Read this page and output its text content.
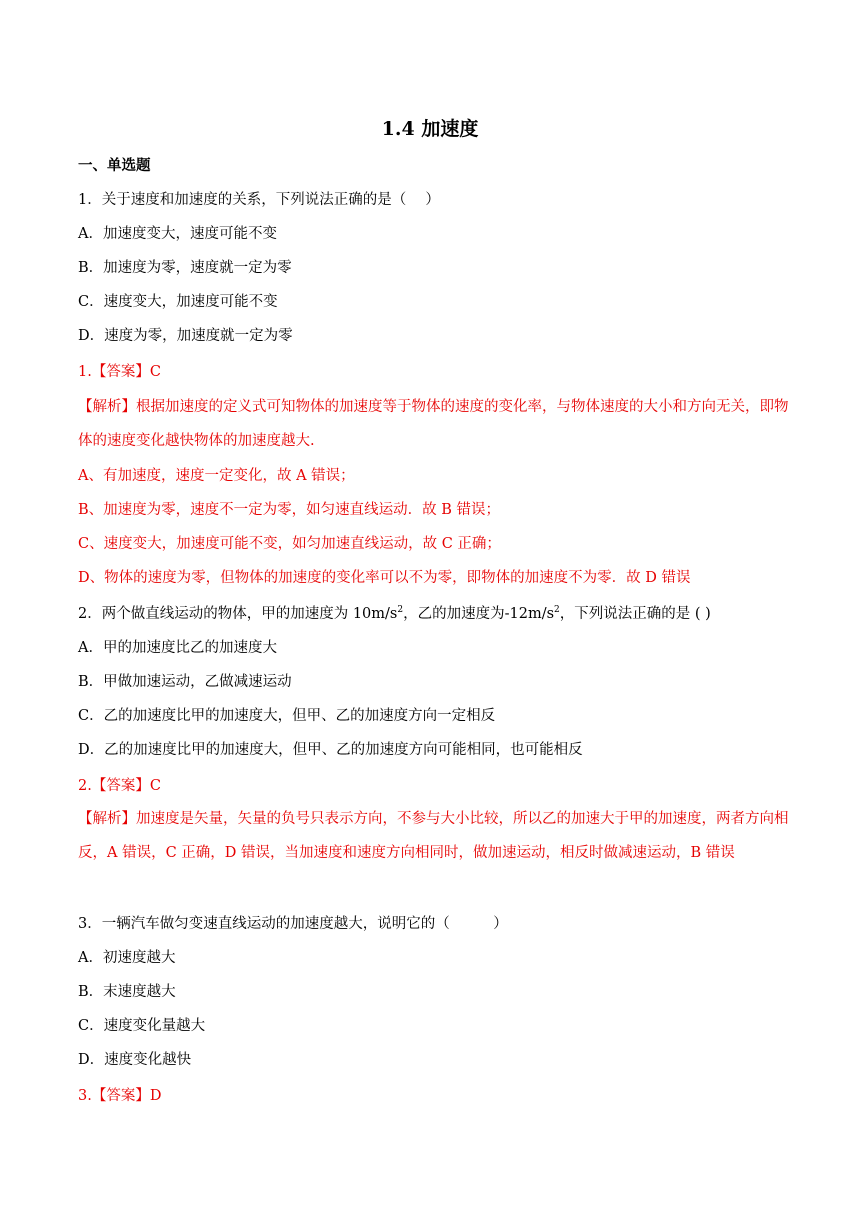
1.4 加速度
一、单选题
1．关于速度和加速度的关系，下列说法正确的是（　 ）
A．加速度变大，速度可能不变
B．加速度为零，速度就一定为零
C．速度变大，加速度可能不变
D．速度为零，加速度就一定为零
1.【答案】C
【解析】根据加速度的定义式可知物体的加速度等于物体的速度的变化率，与物体速度的大小和方向无关，即物体的速度变化越快物体的加速度越大.
A、有加速度，速度一定变化，故 A 错误；
B、加速度为零，速度不一定为零，如匀速直线运动．故 B 错误；
C、速度变大，加速度可能不变，如匀加速直线运动，故 C 正确；
D、物体的速度为零，但物体的加速度的变化率可以不为零，即物体的加速度不为零．故 D 错误
2．两个做直线运动的物体，甲的加速度为 $10m/s^2$，乙的加速度为$-12m/s^2$，下列说法正确的是 ( )
A．甲的加速度比乙的加速度大
B．甲做加速运动，乙做减速运动
C．乙的加速度比甲的加速度大，但甲、乙的加速度方向一定相反
D．乙的加速度比甲的加速度大，但甲、乙的加速度方向可能相同，也可能相反
2.【答案】C
【解析】加速度是矢量，矢量的负号只表示方向，不参与大小比较，所以乙的加速大于甲的加速度，两者方向相反，A 错误，C 正确，D 错误，当加速度和速度方向相同时，做加速运动，相反时做减速运动，B 错误
3．一辆汽车做匀变速直线运动的加速度越大，说明它的（　　　）
A．初速度越大
B．末速度越大
C．速度变化量越大
D．速度变化越快
3.【答案】D
